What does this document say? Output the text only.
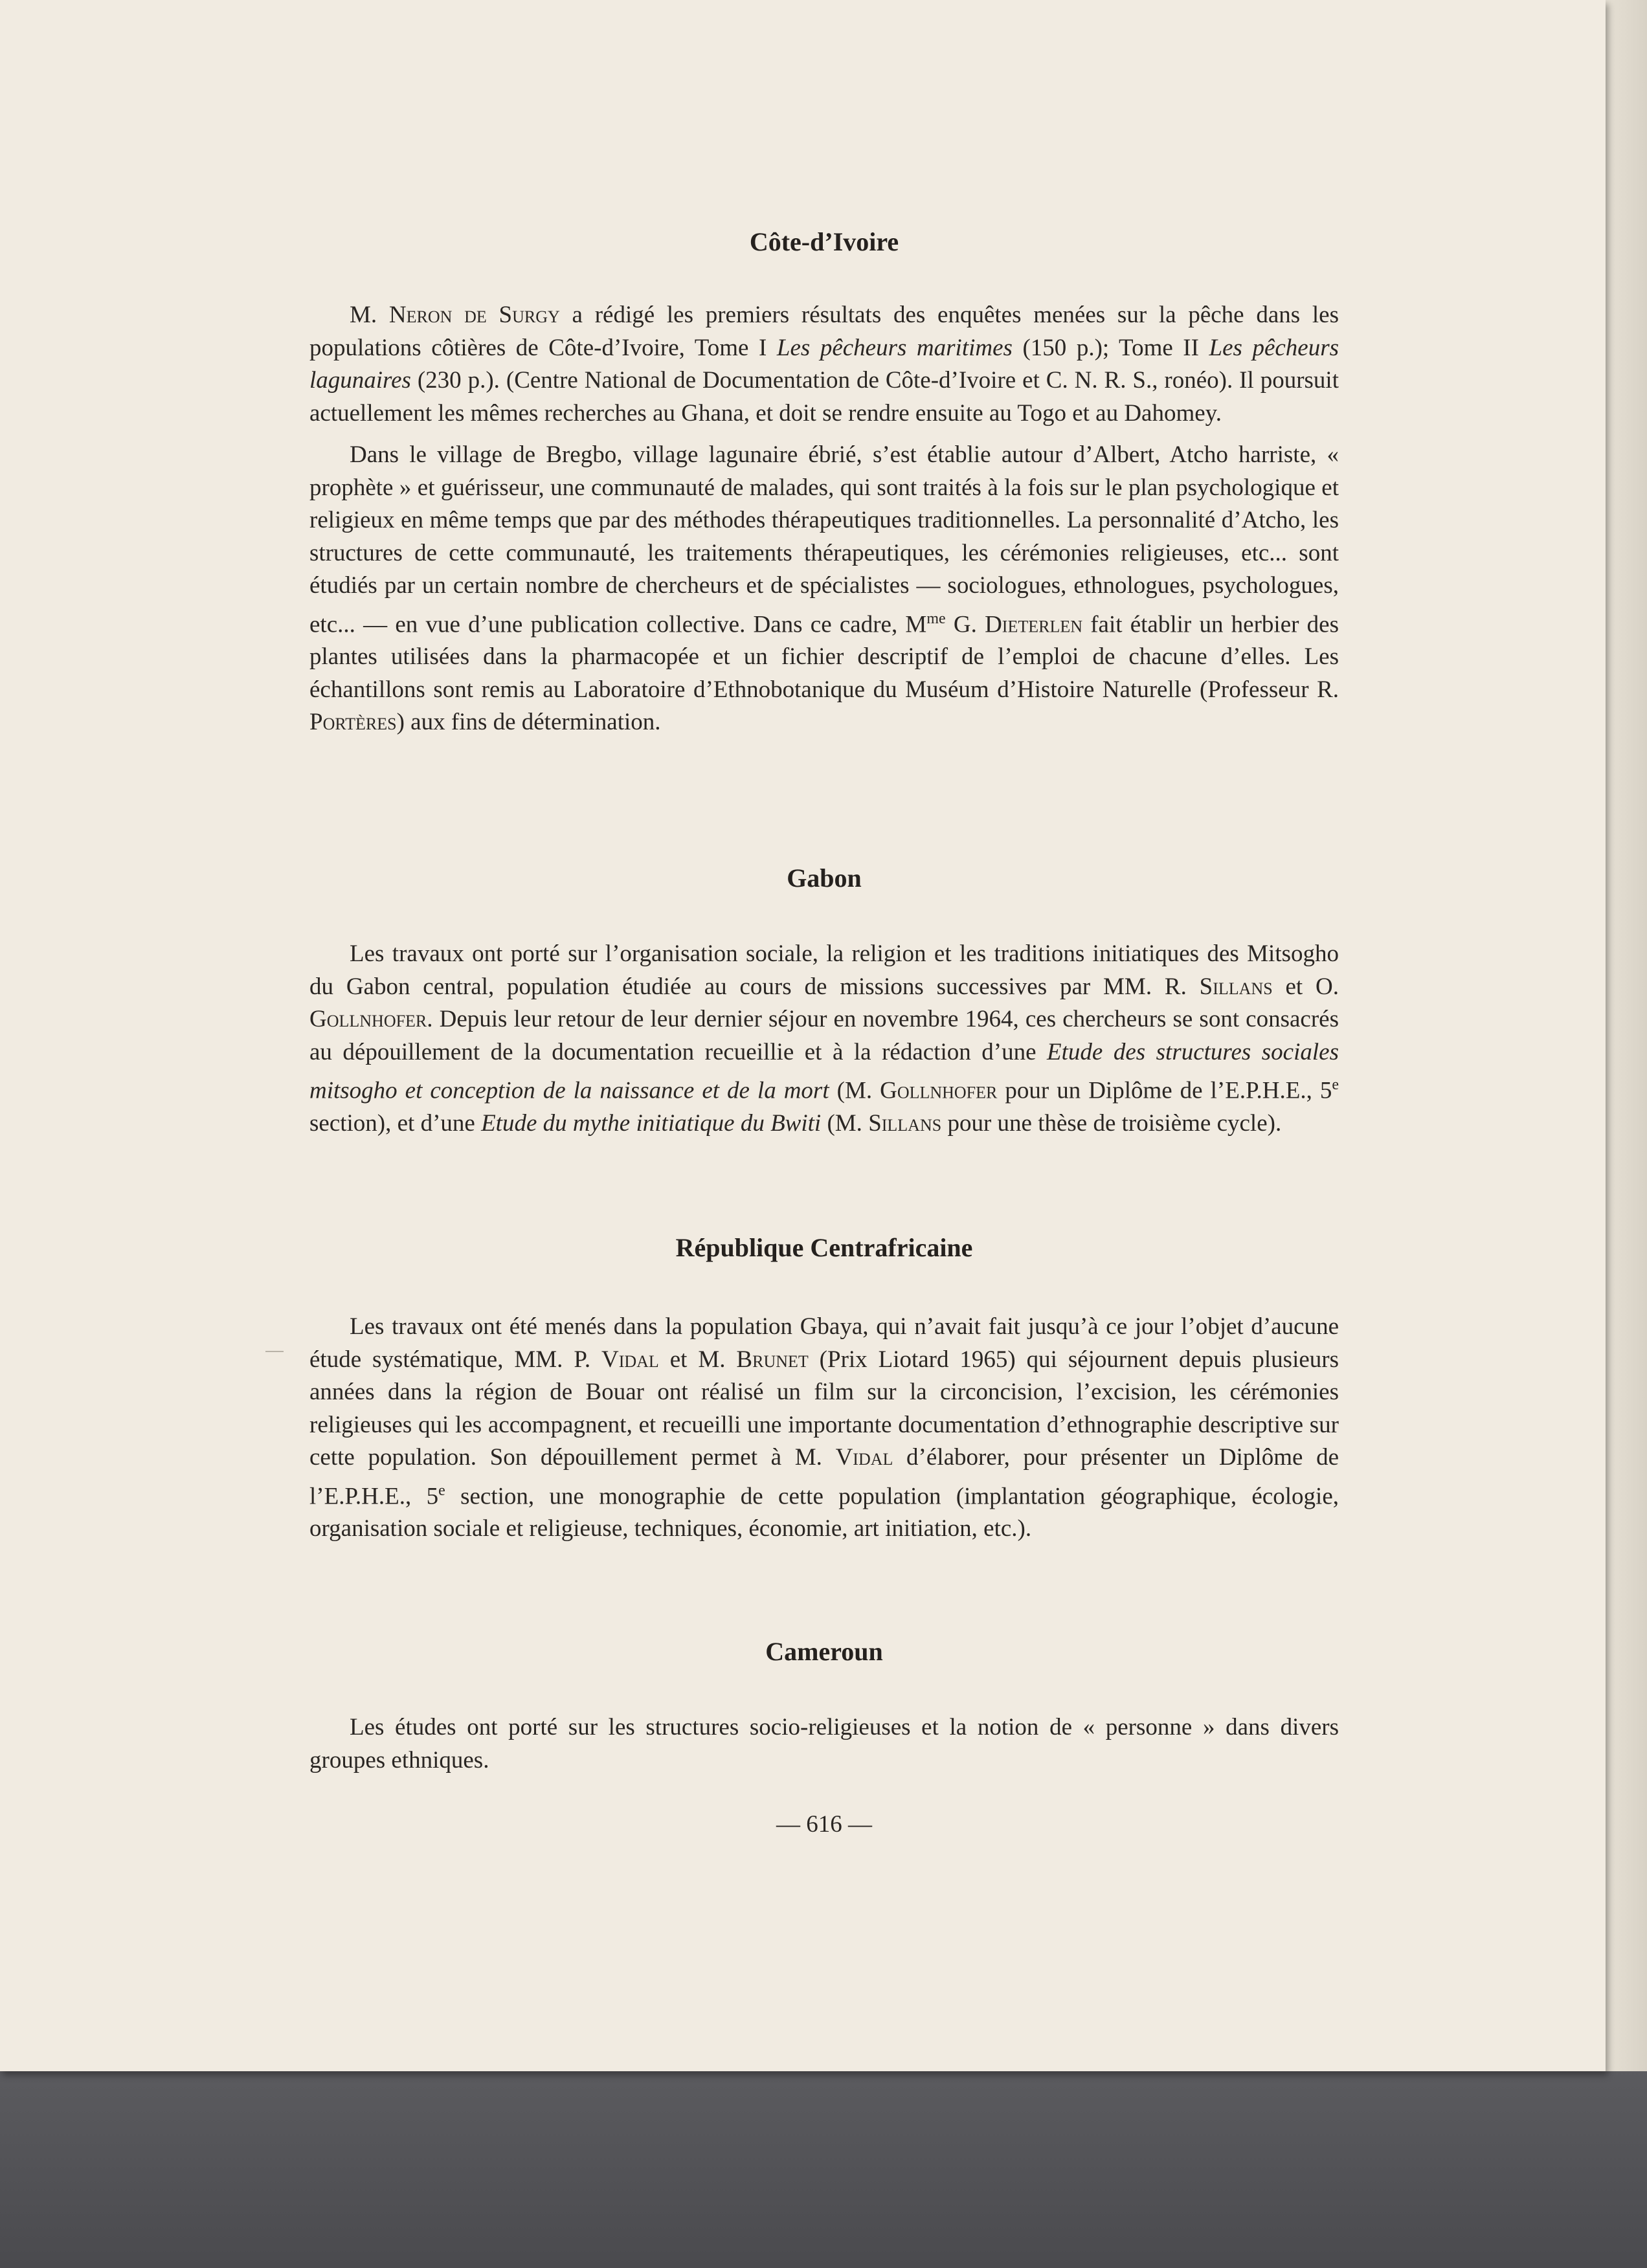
Côte-d’Ivoire

M. Neron de Surgy a rédigé les premiers résultats des enquêtes menées sur la pêche dans les populations côtières de Côte-d’Ivoire, Tome I Les pêcheurs maritimes (150 p.); Tome II Les pêcheurs lagunaires (230 p.). (Centre National de Documentation de Côte-d’Ivoire et C. N. R. S., ronéo). Il poursuit actuellement les mêmes recherches au Ghana, et doit se rendre ensuite au Togo et au Dahomey.

Dans le village de Bregbo, village lagunaire ébrié, s’est établie autour d’Albert, Atcho harriste, « prophète » et guérisseur, une communauté de malades, qui sont traités à la fois sur le plan psychologique et religieux en même temps que par des méthodes thérapeutiques traditionnelles. La personnalité d’Atcho, les structures de cette communauté, les traitements thérapeutiques, les cérémonies religieuses, etc... sont étudiés par un certain nombre de chercheurs et de spécialistes — sociologues, ethnologues, psychologues, etc... — en vue d’une publication collective. Dans ce cadre, $M^{me}$ G. Dieterlen fait établir un herbier des plantes utilisées dans la pharmacopée et un fichier descriptif de l’emploi de chacune d’elles. Les échantillons sont remis au Laboratoire d’Ethnobotanique du Muséum d’Histoire Naturelle (Professeur R. Portères) aux fins de détermination.

Gabon

Les travaux ont porté sur l’organisation sociale, la religion et les traditions initiatiques des Mitsogho du Gabon central, population étudiée au cours de missions successives par MM. R. Sillans et O. Gollnhofer. Depuis leur retour de leur dernier séjour en novembre 1964, ces chercheurs se sont consacrés au dépouillement de la documentation recueillie et à la rédaction d’une Etude des structures sociales mitsogho et conception de la naissance et de la mort (M. Gollnhofer pour un Diplôme de l’E.P.H.E., 5e section), et d’une Etude du mythe initiatique du Bwiti (M. Sillans pour une thèse de troisième cycle).

République Centrafricaine

Les travaux ont été menés dans la population Gbaya, qui n’avait fait jusqu’à ce jour l’objet d’aucune étude systématique, MM. P. Vidal et M. Brunet (Prix Liotard 1965) qui séjournent depuis plusieurs années dans la région de Bouar ont réalisé un film sur la circoncision, l’excision, les cérémonies religieuses qui les accompagnent, et recueilli une importante documentation d’ethnographie descriptive sur cette population. Son dépouillement permet à M. Vidal d’élaborer, pour présenter un Diplôme de l’E.P.H.E., 5e section, une monographie de cette population (implantation géographique, écologie, organisation sociale et religieuse, techniques, économie, art initiation, etc.).

Cameroun

Les études ont porté sur les structures socio-religieuses et la notion de « personne » dans divers groupes ethniques.

— 616 —
